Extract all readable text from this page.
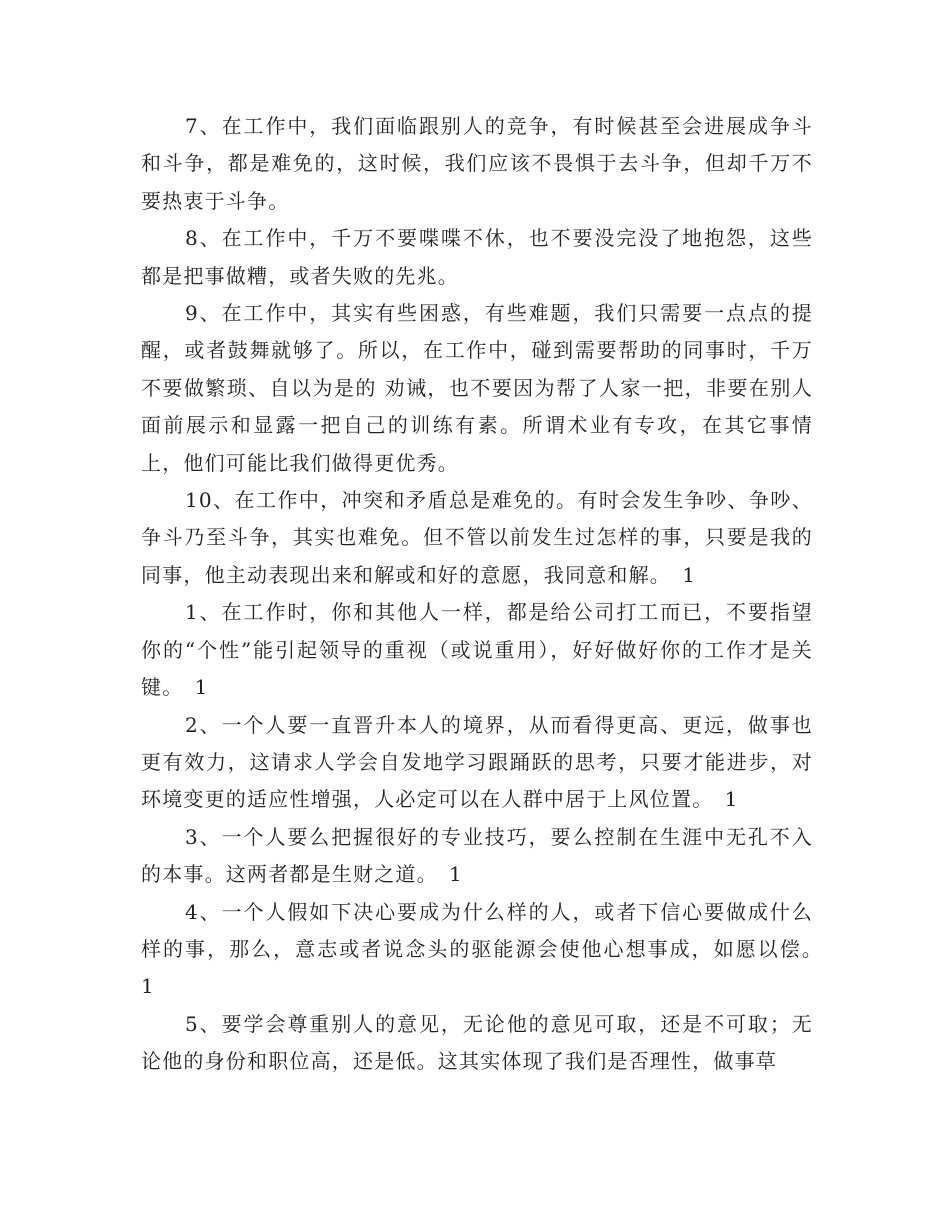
7、在工作中，我们面临跟别人的竞争，有时候甚至会进展成争斗和斗争，都是难免的，这时候，我们应该不畏惧于去斗争，但却千万不要热衷于斗争。

8、在工作中，千万不要喋喋不休，也不要没完没了地抱怨，这些都是把事做糟，或者失败的先兆。

9、在工作中，其实有些困惑，有些难题，我们只需要一点点的提醒，或者鼓舞就够了。所以，在工作中，碰到需要帮助的同事时，千万不要做繁琐、自以为是的 劝诫，也不要因为帮了人家一把，非要在别人面前展示和显露一把自己的训练有素。所谓术业有专攻，在其它事情上，他们可能比我们做得更优秀。

10、在工作中，冲突和矛盾总是难免的。有时会发生争吵、争吵、争斗乃至斗争，其实也难免。但不管以前发生过怎样的事，只要是我的同事，他主动表现出来和解或和好的意愿，我同意和解。　1

1、在工作时，你和其他人一样，都是给公司打工而已，不要指望你的“个性”能引起领导的重视（或说重用），好好做好你的工作才是关键。　1

2、一个人要一直晋升本人的境界，从而看得更高、更远，做事也更有效力，这请求人学会自发地学习跟踊跃的思考，只要才能进步，对环境变更的适应性增强，人必定可以在人群中居于上风位置。　1

3、一个人要么把握很好的专业技巧，要么控制在生涯中无孔不入的本事。这两者都是生财之道。　1

4、一个人假如下决心要成为什么样的人，或者下信心要做成什么样的事，那么，意志或者说念头的驱能源会使他心想事成，如愿以偿。　1

5、要学会尊重别人的意见，无论他的意见可取，还是不可取；无论他的身份和职位高，还是低。这其实体现了我们是否理性，做事草
